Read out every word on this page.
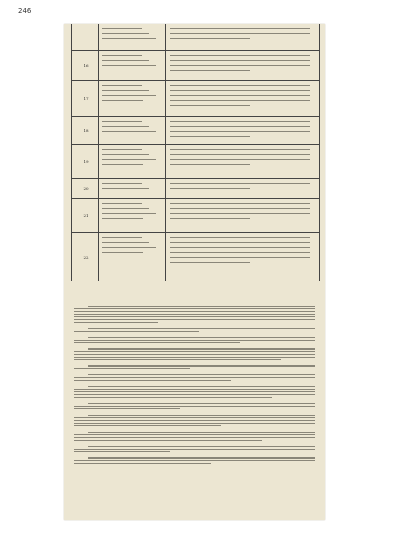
246
16
17
18
19
20
21
22
